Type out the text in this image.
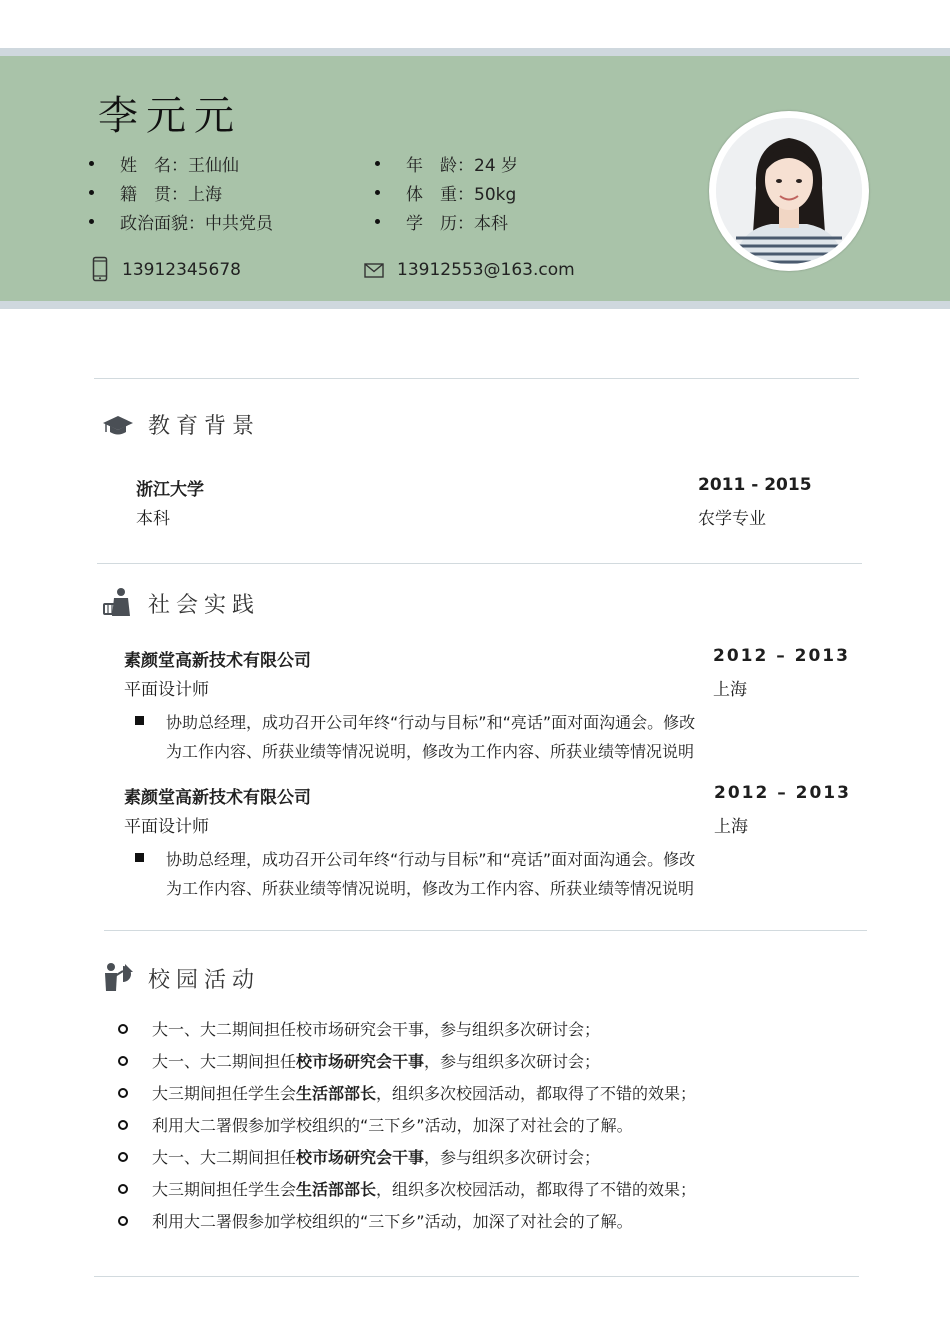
李元元
姓　名：王仙仙
籍　贯：上海
政治面貌：中共党员
年　龄：24 岁
体　重：50kg
学　历：本科
13912345678	13912553@163.com
教育背景
浙江大学	2011 - 2015
本科	农学专业
社会实践
素颜堂高新技术有限公司	2012 – 2013
平面设计师	上海
协助总经理，成功召开公司年终“行动与目标”和“亮话”面对面沟通会。修改
为工作内容、所获业绩等情况说明，修改为工作内容、所获业绩等情况说明
素颜堂高新技术有限公司	2012 – 2013
平面设计师	上海
协助总经理，成功召开公司年终“行动与目标”和“亮话”面对面沟通会。修改
为工作内容、所获业绩等情况说明，修改为工作内容、所获业绩等情况说明
校园活动
大一、大二期间担任校市场研究会干事，参与组织多次研讨会；
大一、大二期间担任校市场研究会干事，参与组织多次研讨会；
大三期间担任学生会生活部部长，组织多次校园活动，都取得了不错的效果；
利用大二署假参加学校组织的“三下乡”活动，加深了对社会的了解。
大一、大二期间担任校市场研究会干事，参与组织多次研讨会；
大三期间担任学生会生活部部长，组织多次校园活动，都取得了不错的效果；
利用大二署假参加学校组织的“三下乡”活动，加深了对社会的了解。
